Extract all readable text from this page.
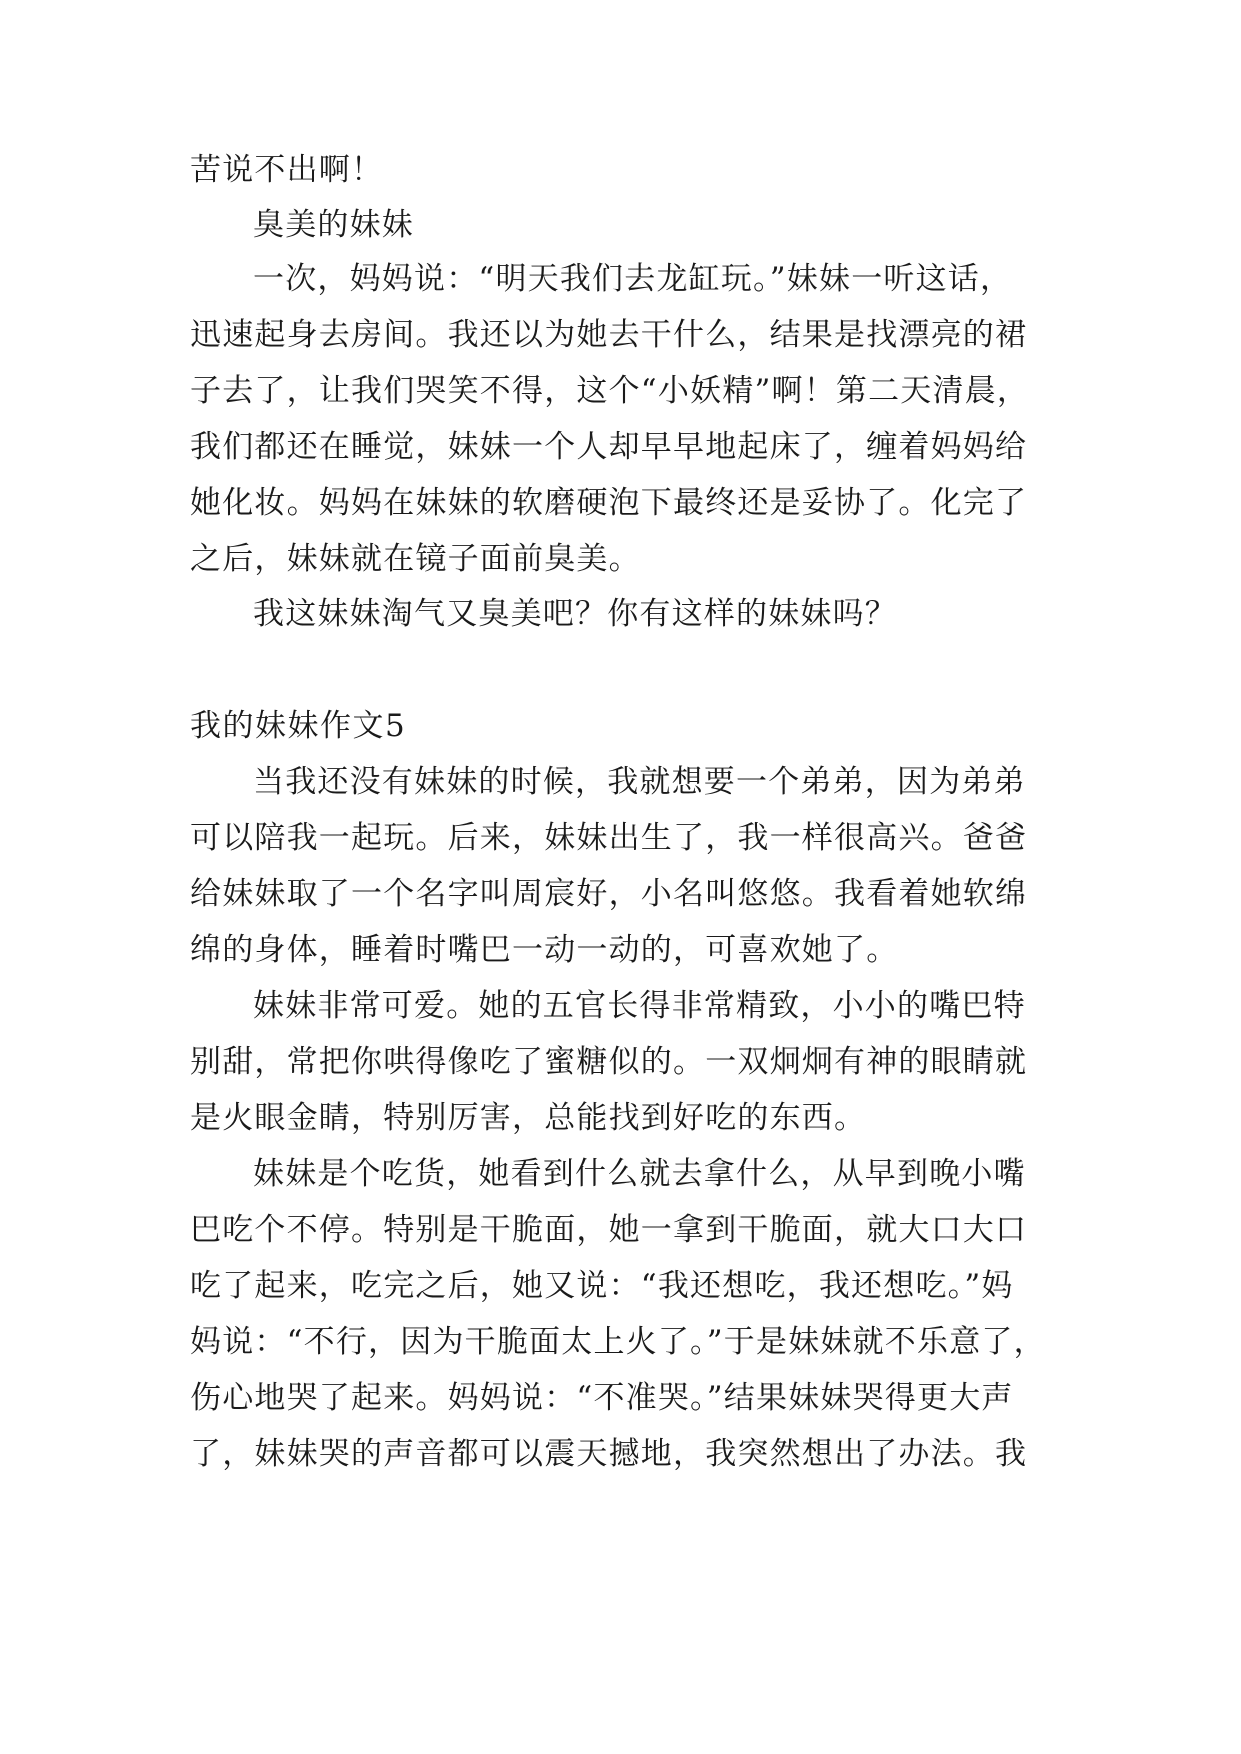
苦说不出啊！
臭美的妹妹
一次，妈妈说：“明天我们去龙缸玩。”妹妹一听这话，
迅速起身去房间。我还以为她去干什么，结果是找漂亮的裙
子去了，让我们哭笑不得，这个“小妖精”啊！第二天清晨，
我们都还在睡觉，妹妹一个人却早早地起床了，缠着妈妈给
她化妆。妈妈在妹妹的软磨硬泡下最终还是妥协了。化完了
之后，妹妹就在镜子面前臭美。
我这妹妹淘气又臭美吧？你有这样的妹妹吗？
我的妹妹作文5
当我还没有妹妹的时候，我就想要一个弟弟，因为弟弟
可以陪我一起玩。后来，妹妹出生了，我一样很高兴。爸爸
给妹妹取了一个名字叫周宸好，小名叫悠悠。我看着她软绵
绵的身体，睡着时嘴巴一动一动的，可喜欢她了。
妹妹非常可爱。她的五官长得非常精致，小小的嘴巴特
别甜，常把你哄得像吃了蜜糖似的。一双炯炯有神的眼睛就
是火眼金睛，特别厉害，总能找到好吃的东西。
妹妹是个吃货，她看到什么就去拿什么，从早到晚小嘴
巴吃个不停。特别是干脆面，她一拿到干脆面，就大口大口
吃了起来，吃完之后，她又说：“我还想吃，我还想吃。”妈
妈说：“不行，因为干脆面太上火了。”于是妹妹就不乐意了，
伤心地哭了起来。妈妈说：“不准哭。”结果妹妹哭得更大声
了，妹妹哭的声音都可以震天撼地，我突然想出了办法。我
